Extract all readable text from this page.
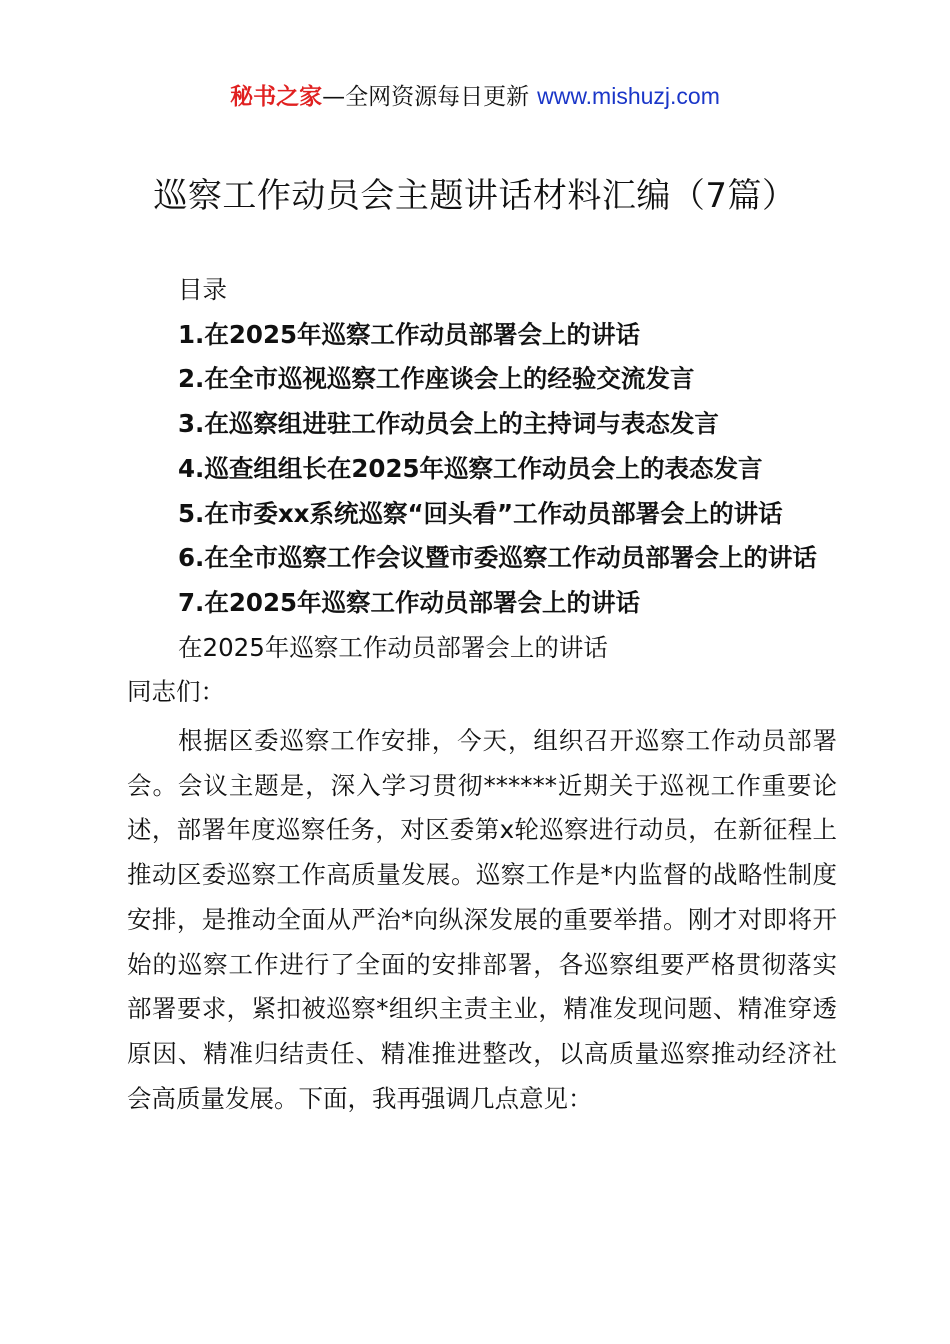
秘书之家—全网资源每日更新 www.mishuzj.com
巡察工作动员会主题讲话材料汇编（7篇）

目录

1.在2025年巡察工作动员部署会上的讲话
2.在全市巡视巡察工作座谈会上的经验交流发言
3.在巡察组进驻工作动员会上的主持词与表态发言
4.巡查组组长在2025年巡察工作动员会上的表态发言
5.在市委xx系统巡察“回头看”工作动员部署会上的讲话
6.在全市巡察工作会议暨市委巡察工作动员部署会上的讲话
7.在2025年巡察工作动员部署会上的讲话

在2025年巡察工作动员部署会上的讲话

同志们：

根据区委巡察工作安排，今天，组织召开巡察工作动员部署会。会议主题是，深入学习贯彻******近期关于巡视工作重要论述，部署年度巡察任务，对区委第x轮巡察进行动员，在新征程上推动区委巡察工作高质量发展。巡察工作是*内监督的战略性制度安排，是推动全面从严治*向纵深发展的重要举措。刚才对即将开始的巡察工作进行了全面的安排部署，各巡察组要严格贯彻落实部署要求，紧扣被巡察*组织主责主业，精准发现问题、精准穿透原因、精准归结责任、精准推进整改，以高质量巡察推动经济社会高质量发展。下面，我再强调几点意见：
